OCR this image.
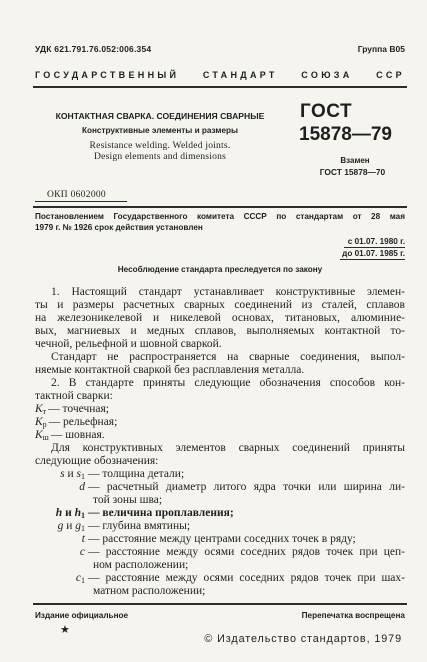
УДК 621.791.76.052:006.354	Группа В05
ГОСУДАРСТВЕННЫЙ СТАНДАРТ СОЮЗА ССР
КОНТАКТНАЯ СВАРКА. СОЕДИНЕНИЯ СВАРНЫЕ
Конструктивные элементы и размеры
Resistance welding. Welded joints.
Design elements and dimensions
ГОСТ
15878—79
Взамен
ГОСТ 15878—70
ОКП 0602000
Постановлением Государственного комитета СССР по стандартам от 28 мая
1979 г. № 1926 срок действия установлен
с 01.07. 1980 г.
до 01.07. 1985 г.
Несоблюдение стандарта преследуется по закону
1. Настоящий стандарт устанавливает конструктивные элемен-
ты и размеры расчетных сварных соединений из сталей, сплавов
на железоникелевой и никелевой основах, титановых, алюминие-
вых, магниевых и медных сплавов, выполняемых контактной то-
чечной, рельефной и шовной сваркой.
Стандарт не распространяется на сварные соединения, выпол-
няемые контактной сваркой без расплавления металла.
2. В стандарте приняты следующие обозначения способов кон-
тактной сварки:
$К_т$ — точечная;
$К_р$ — рельефная;
$К_ш$ — шовная.
Для конструктивных элементов сварных соединений приняты
следующие обозначения:
s и $s_1$ — толщина детали;
d — расчетный диаметр литого ядра точки или ширина ли-
той зоны шва;
h и $h_1$ — величина проплавления;
g и $g_1$ — глубина вмятины;
t — расстояние между центрами соседних точек в ряду;
c — расстояние между осями соседних рядов точек при цеп-
ном расположении;
$c_1$ — расстояние между осями соседних рядов точек при шах-
матном расположении;
Издание официальное	Перепечатка воспрещена
★
© Издательство стандартов, 1979
